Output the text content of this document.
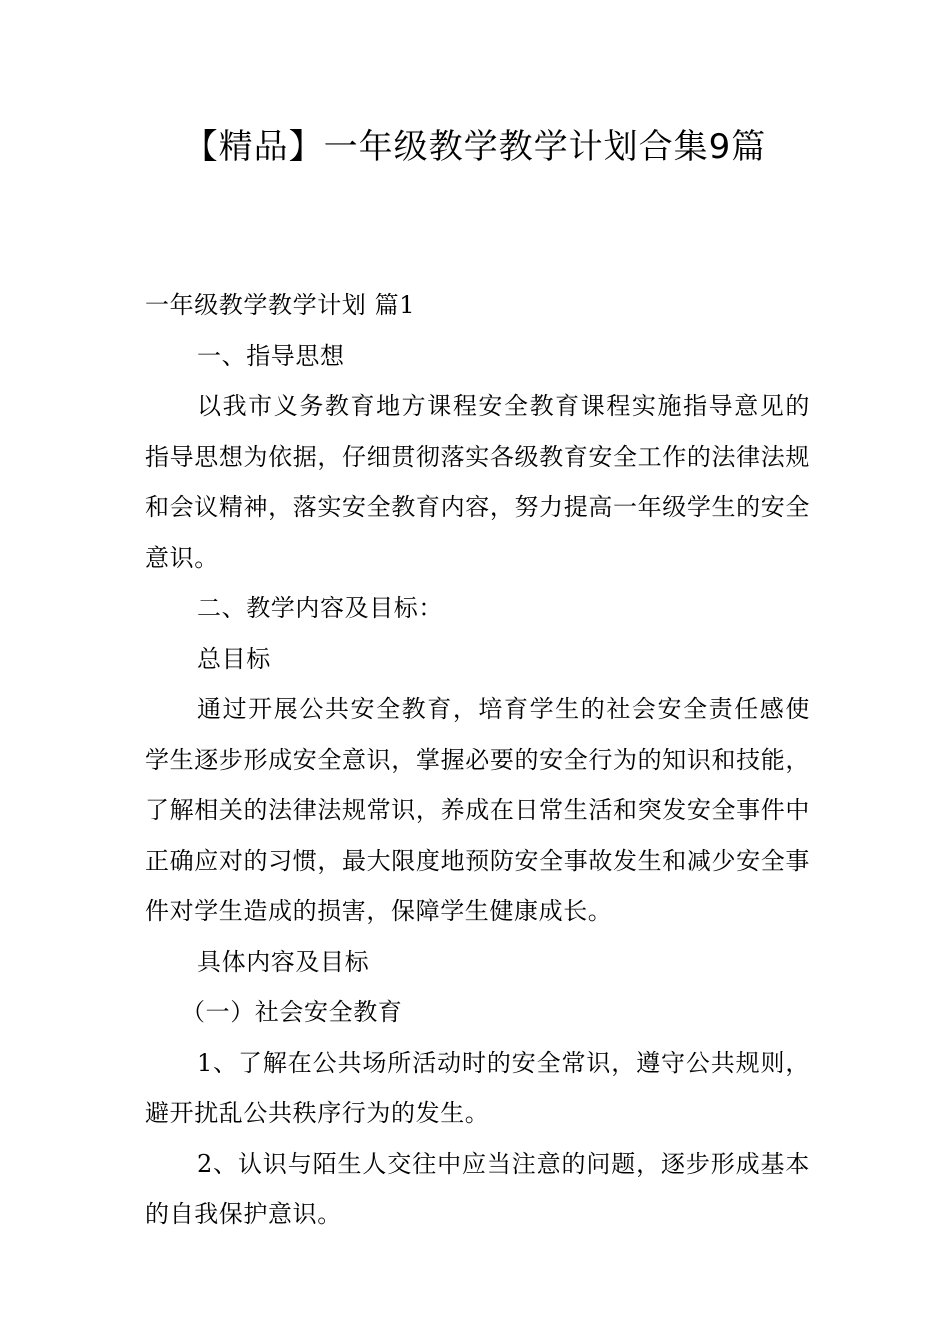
【精品】一年级教学教学计划合集9篇

一年级教学教学计划 篇1

一、指导思想

以我市义务教育地方课程安全教育课程实施指导意见的指导思想为依据，仔细贯彻落实各级教育安全工作的法律法规和会议精神，落实安全教育内容，努力提高一年级学生的安全意识。

二、教学内容及目标：

总目标

通过开展公共安全教育，培育学生的社会安全责任感使学生逐步形成安全意识，掌握必要的安全行为的知识和技能，了解相关的法律法规常识，养成在日常生活和突发安全事件中正确应对的习惯，最大限度地预防安全事故发生和减少安全事件对学生造成的损害，保障学生健康成长。

具体内容及目标

（一）社会安全教育

1、了解在公共场所活动时的安全常识，遵守公共规则，避开扰乱公共秩序行为的发生。

2、认识与陌生人交往中应当注意的问题，逐步形成基本的自我保护意识。
